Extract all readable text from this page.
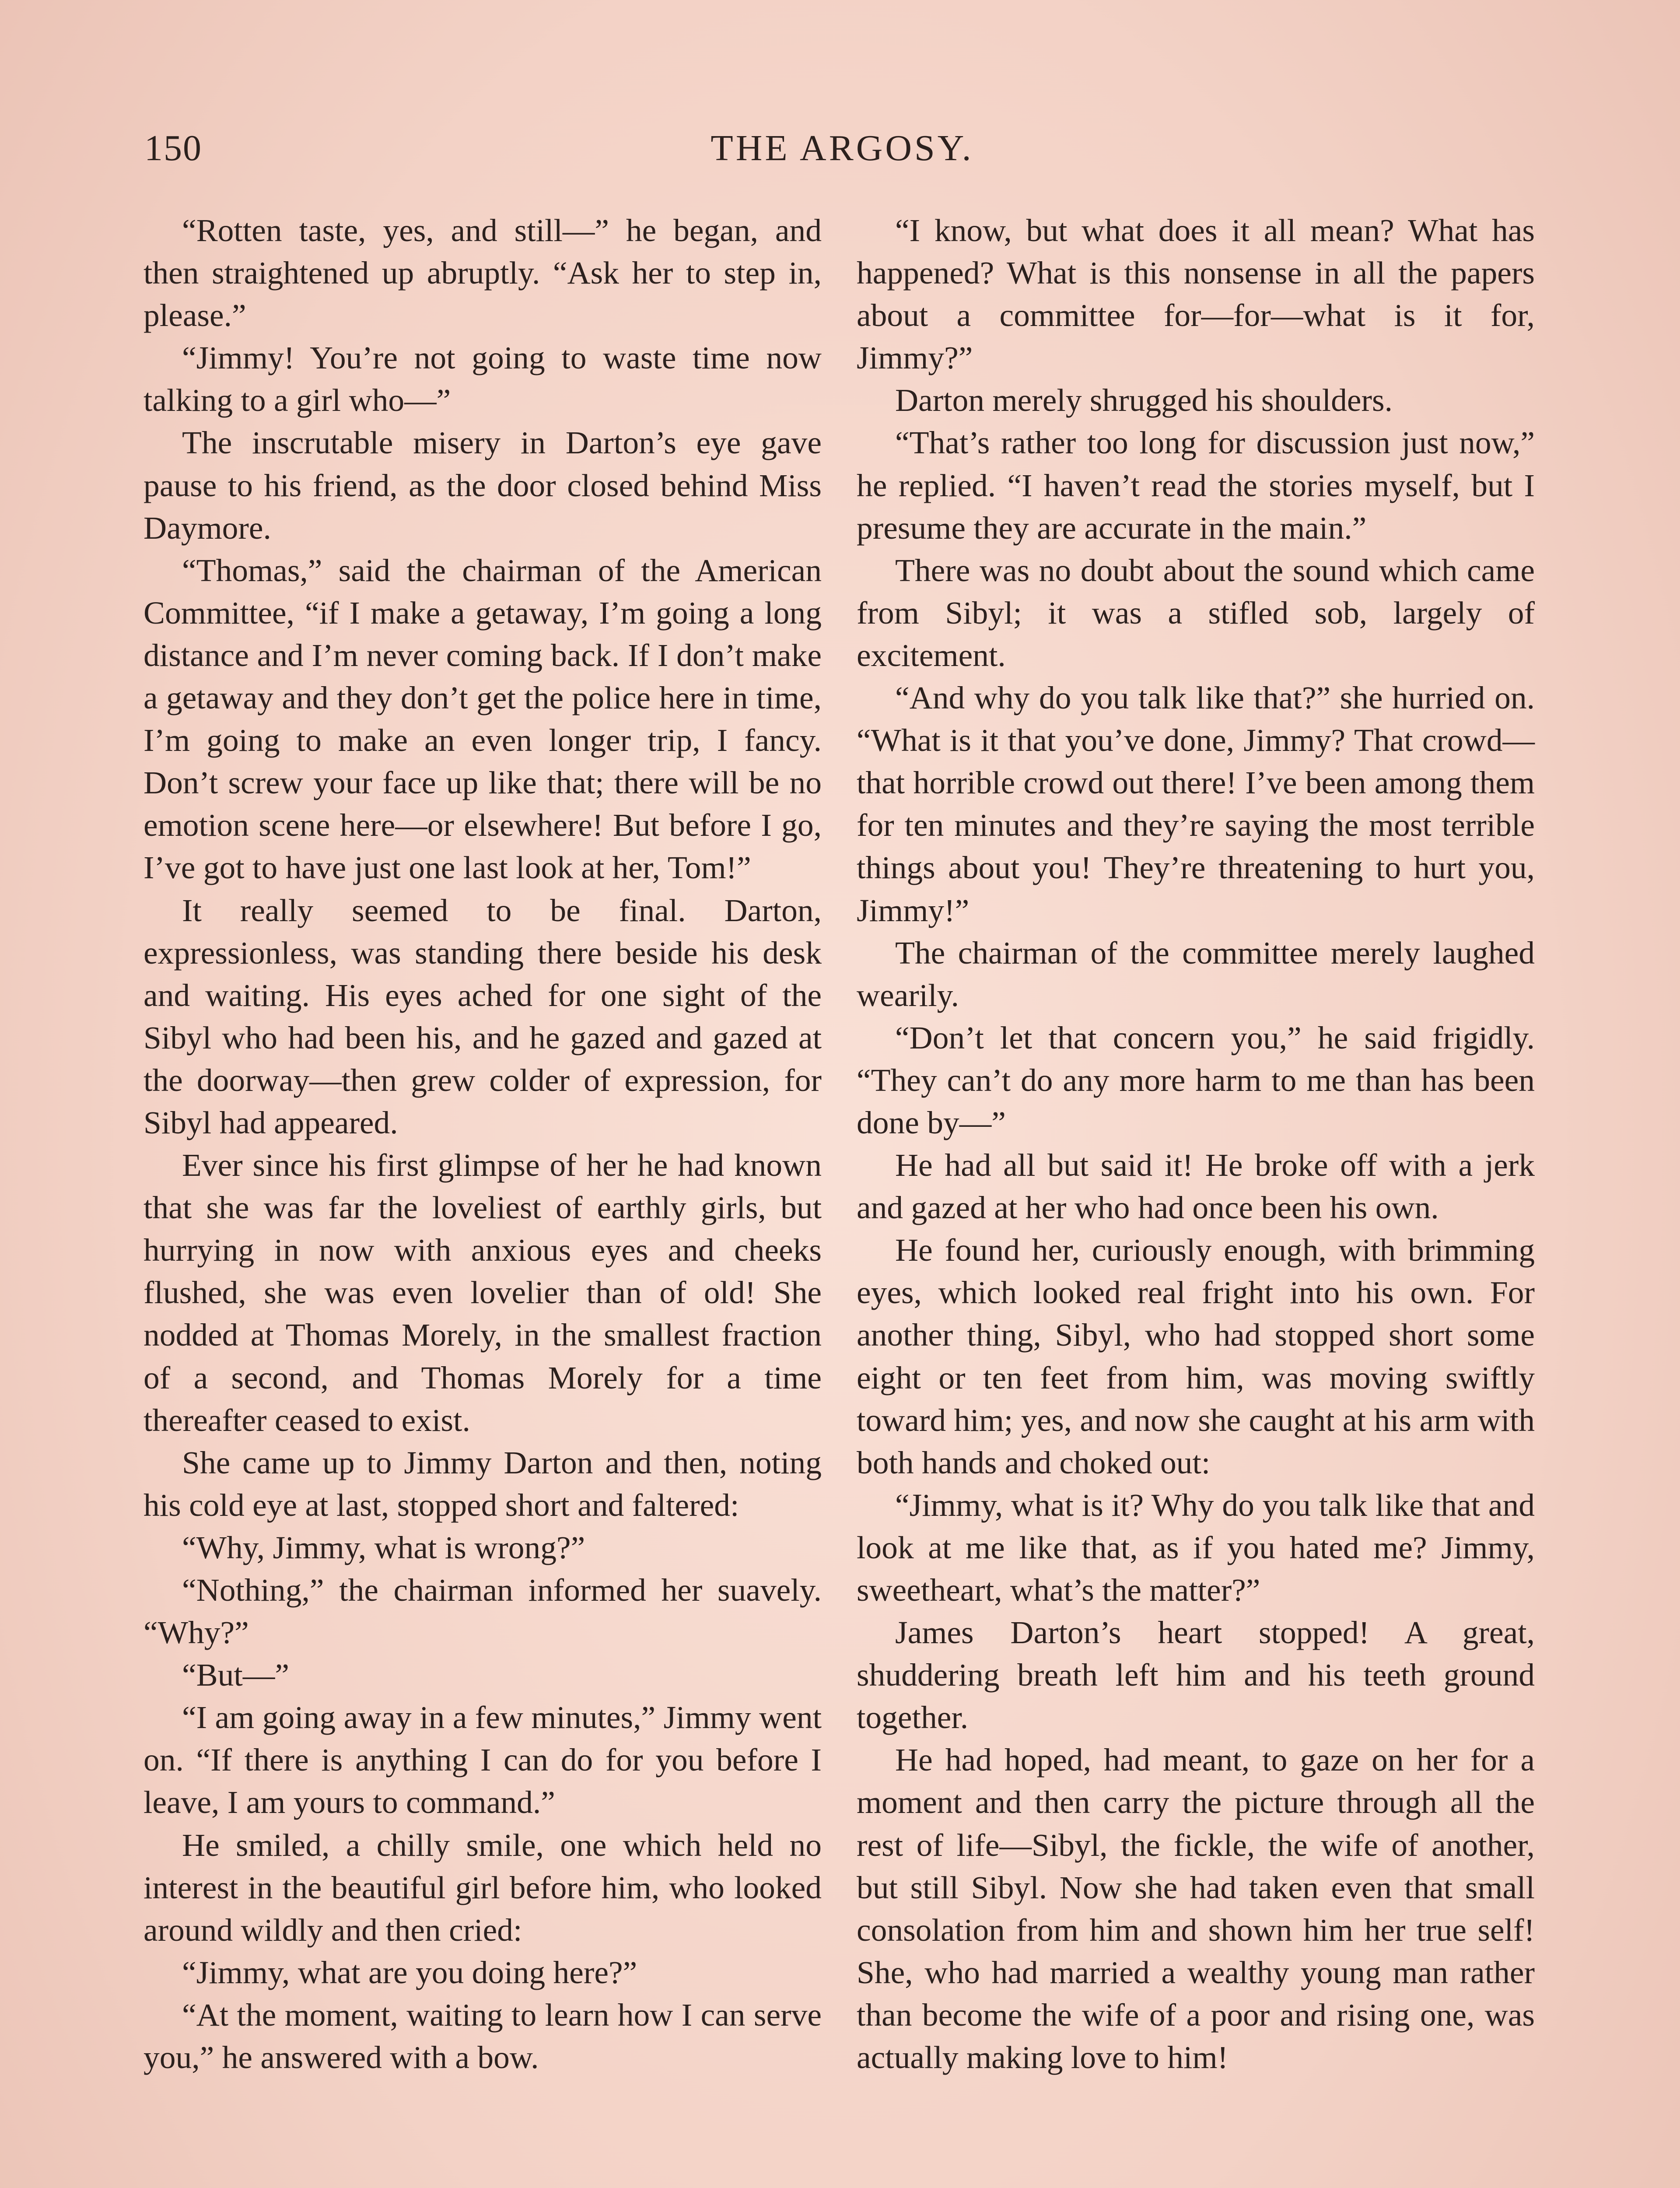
150	THE ARGOSY.

“Rotten taste, yes, and still—” he began, and then straightened up abruptly. “Ask her to step in, please.”

“Jimmy! You’re not going to waste time now talking to a girl who—”

The inscrutable misery in Darton’s eye gave pause to his friend, as the door closed behind Miss Daymore.

“Thomas,” said the chairman of the American Committee, “if I make a getaway, I’m going a long distance and I’m never coming back. If I don’t make a getaway and they don’t get the police here in time, I’m going to make an even longer trip, I fancy. Don’t screw your face up like that; there will be no emotion scene here—or elsewhere! But before I go, I’ve got to have just one last look at her, Tom!”

It really seemed to be final. Darton, expressionless, was standing there beside his desk and waiting. His eyes ached for one sight of the Sibyl who had been his, and he gazed and gazed at the doorway—then grew colder of expression, for Sibyl had appeared.

Ever since his first glimpse of her he had known that she was far the loveliest of earthly girls, but hurrying in now with anxious eyes and cheeks flushed, she was even lovelier than of old! She nodded at Thomas Morely, in the smallest fraction of a second, and Thomas Morely for a time thereafter ceased to exist.

She came up to Jimmy Darton and then, noting his cold eye at last, stopped short and faltered:

“Why, Jimmy, what is wrong?”

“Nothing,” the chairman informed her suavely. “Why?”

“But—”

“I am going away in a few minutes,” Jimmy went on. “If there is anything I can do for you before I leave, I am yours to command.”

He smiled, a chilly smile, one which held no interest in the beautiful girl before him, who looked around wildly and then cried:

“Jimmy, what are you doing here?”

“At the moment, waiting to learn how I can serve you,” he answered with a bow.

“I know, but what does it all mean? What has happened? What is this nonsense in all the papers about a committee for—for—what is it for, Jimmy?”

Darton merely shrugged his shoulders.

“That’s rather too long for discussion just now,” he replied. “I haven’t read the stories myself, but I presume they are accurate in the main.”

There was no doubt about the sound which came from Sibyl; it was a stifled sob, largely of excitement.

“And why do you talk like that?” she hurried on. “What is it that you’ve done, Jimmy? That crowd—that horrible crowd out there! I’ve been among them for ten minutes and they’re saying the most terrible things about you! They’re threatening to hurt you, Jimmy!”

The chairman of the committee merely laughed wearily.

“Don’t let that concern you,” he said frigidly. “They can’t do any more harm to me than has been done by—”

He had all but said it! He broke off with a jerk and gazed at her who had once been his own.

He found her, curiously enough, with brimming eyes, which looked real fright into his own. For another thing, Sibyl, who had stopped short some eight or ten feet from him, was moving swiftly toward him; yes, and now she caught at his arm with both hands and choked out:

“Jimmy, what is it? Why do you talk like that and look at me like that, as if you hated me? Jimmy, sweetheart, what’s the matter?”

James Darton’s heart stopped! A great, shuddering breath left him and his teeth ground together.

He had hoped, had meant, to gaze on her for a moment and then carry the picture through all the rest of life—Sibyl, the fickle, the wife of another, but still Sibyl. Now she had taken even that small consolation from him and shown him her true self! She, who had married a wealthy young man rather than become the wife of a poor and rising one, was actually making love to him!
